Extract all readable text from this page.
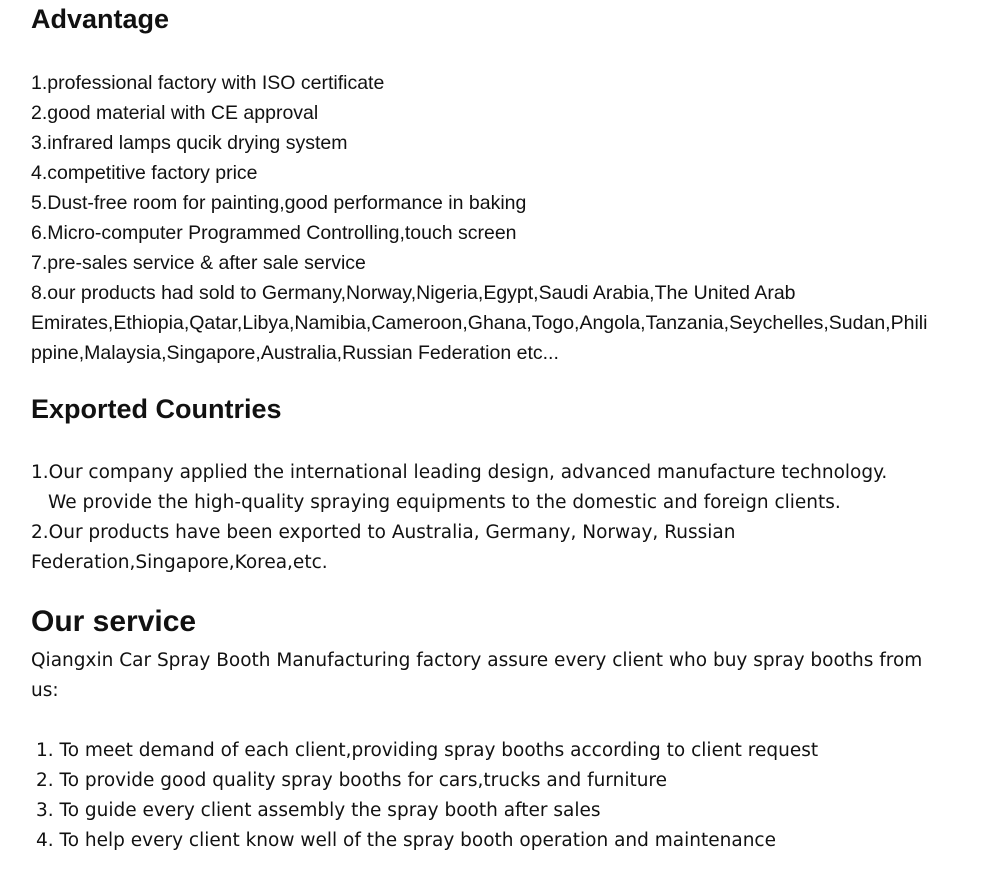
Advantage
1.professional factory with ISO certificate
2.good material with CE approval
3.infrared lamps qucik drying system
4.competitive factory price
5.Dust-free room for painting,good performance in baking
6.Micro-computer Programmed Controlling,touch screen
7.pre-sales service & after sale service
8.our products had sold to Germany,Norway,Nigeria,Egypt,Saudi Arabia,The United Arab
Emirates,Ethiopia,Qatar,Libya,Namibia,Cameroon,Ghana,Togo,Angola,Tanzania,Seychelles,Sudan,Phili
ppine,Malaysia,Singapore,Australia,Russian Federation etc...
Exported Countries
1.Our company applied the international leading design, advanced manufacture technology.
We provide the high-quality spraying equipments to the domestic and foreign clients.
2.Our products have been exported to Australia, Germany, Norway, Russian
Federation,Singapore,Korea,etc.
Our service
Qiangxin Car Spray Booth Manufacturing factory assure every client who buy spray booths from
us:
1. To meet demand of each client,providing spray booths according to client request
2. To provide good quality spray booths for cars,trucks and furniture
3. To guide every client assembly the spray booth after sales
4. To help every client know well of the spray booth operation and maintenance
